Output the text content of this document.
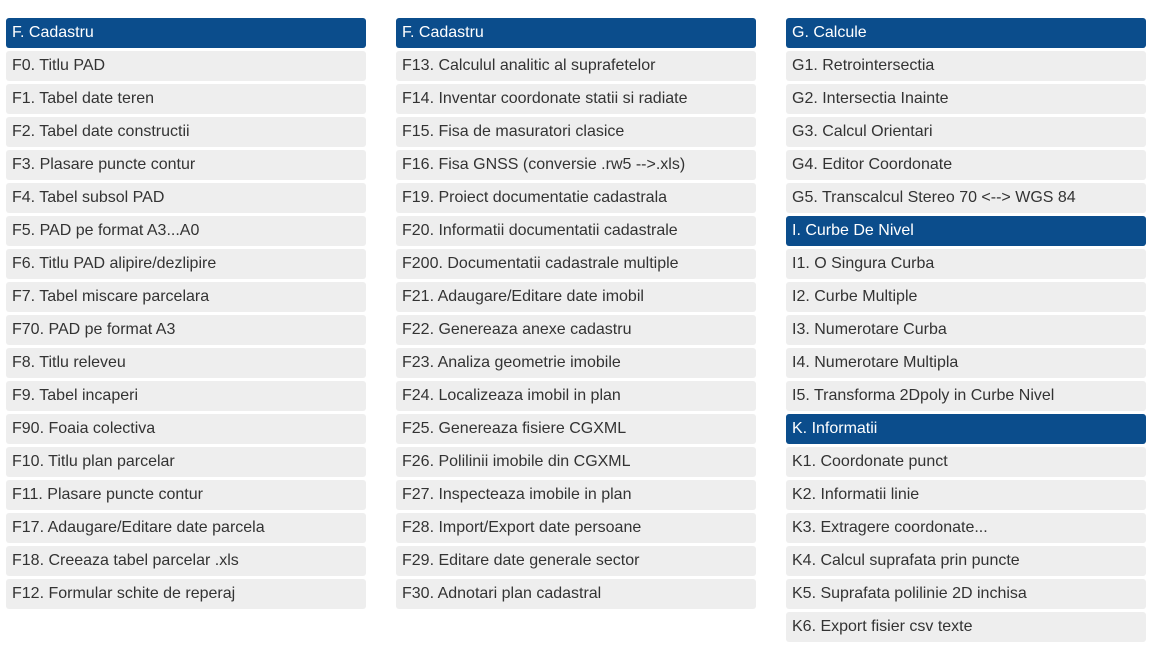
F. Cadastru
F0. Titlu PAD
F1. Tabel date teren
F2. Tabel date constructii
F3. Plasare puncte contur
F4. Tabel subsol PAD
F5. PAD pe format A3...A0
F6. Titlu PAD alipire/dezlipire
F7. Tabel miscare parcelara
F70. PAD pe format A3
F8. Titlu releveu
F9. Tabel incaperi
F90. Foaia colectiva
F10. Titlu plan parcelar
F11. Plasare puncte contur
F17. Adaugare/Editare date parcela
F18. Creeaza tabel parcelar .xls
F12. Formular schite de reperaj
F. Cadastru
F13. Calculul analitic al suprafetelor
F14. Inventar coordonate statii si radiate
F15. Fisa de masuratori clasice
F16. Fisa GNSS (conversie .rw5 -->.xls)
F19. Proiect documentatie cadastrala
F20. Informatii documentatii cadastrale
F200. Documentatii cadastrale multiple
F21. Adaugare/Editare date imobil
F22. Genereaza anexe cadastru
F23. Analiza geometrie imobile
F24. Localizeaza imobil in plan
F25. Genereaza fisiere CGXML
F26. Polilinii imobile din CGXML
F27. Inspecteaza imobile in plan
F28. Import/Export date persoane
F29. Editare date generale sector
F30. Adnotari plan cadastral
G. Calcule
G1. Retrointersectia
G2. Intersectia Inainte
G3. Calcul Orientari
G4. Editor Coordonate
G5. Transcalcul Stereo 70 <--> WGS 84
I. Curbe De Nivel
I1. O Singura Curba
I2. Curbe Multiple
I3. Numerotare Curba
I4. Numerotare Multipla
I5. Transforma 2Dpoly in Curbe Nivel
K. Informatii
K1. Coordonate punct
K2. Informatii linie
K3. Extragere coordonate...
K4. Calcul suprafata prin puncte
K5. Suprafata polilinie 2D inchisa
K6. Export fisier csv texte
